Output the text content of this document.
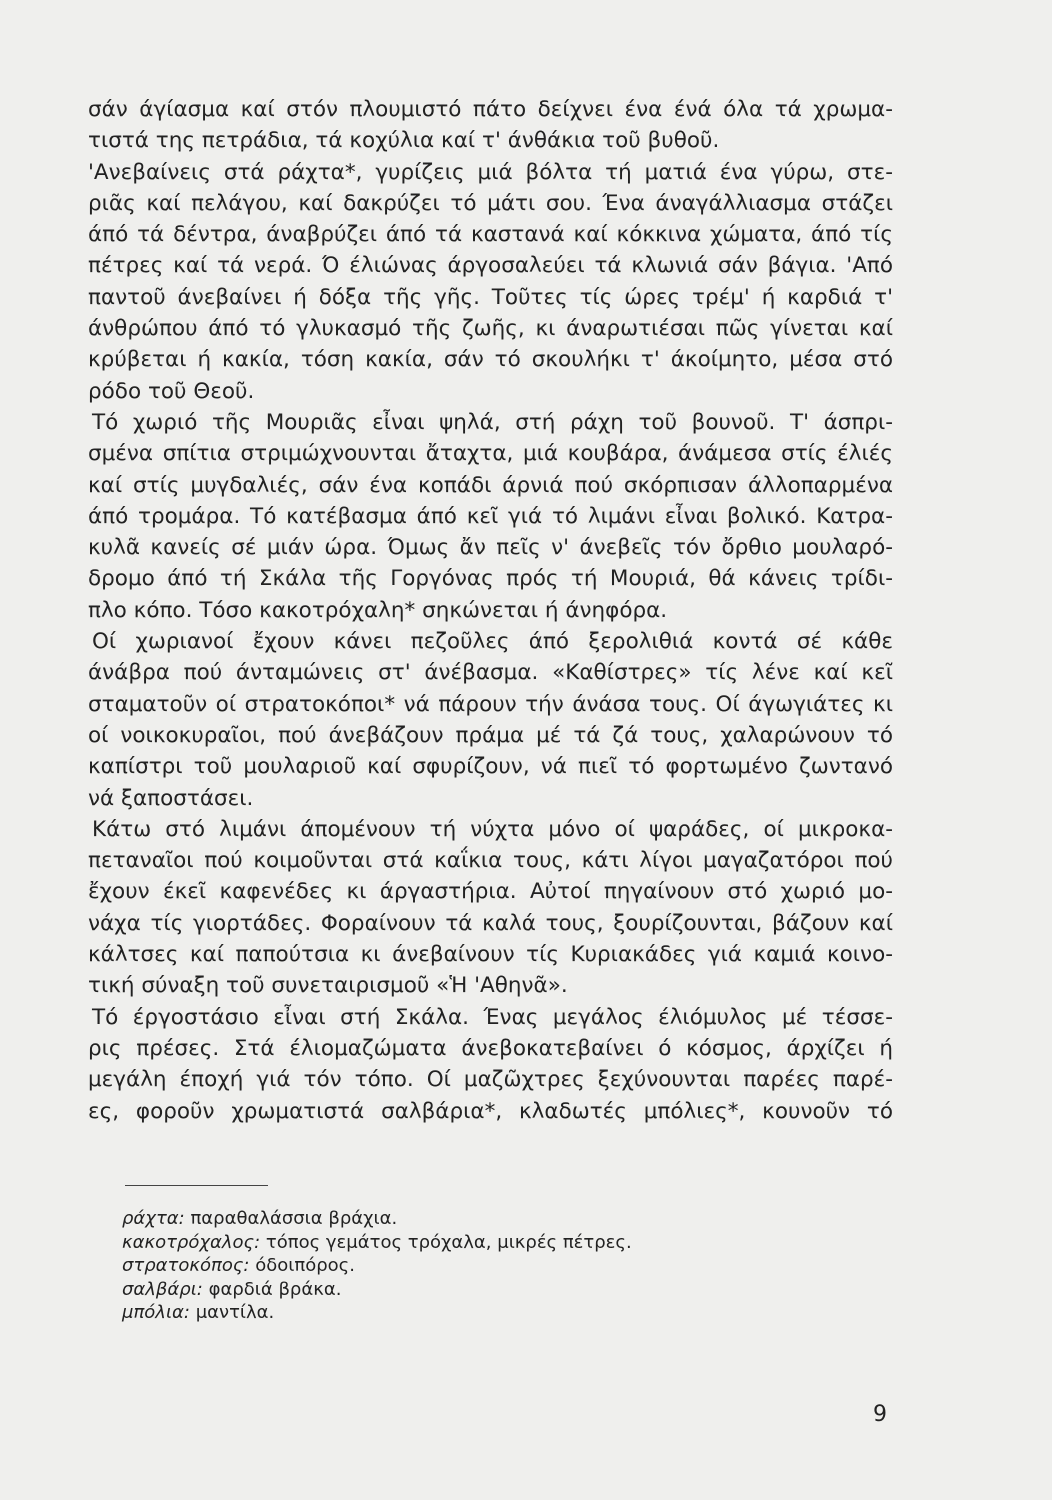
σάν άγίασμα καί στόν πλουμιστό πάτο δείχνει ένα ένά όλα τά χρωμα-
τιστά της πετράδια, τά κοχύλια καί τ' άνθάκια τοῦ βυθοῦ.
'Ανεβαίνεις στά ράχτα*, γυρίζεις μιά βόλτα τή ματιά ένα γύρω, στε-
ριᾶς καί πελάγου, καί δακρύζει τό μάτι σου. Ένα άναγάλλιασμα στάζει
άπό τά δέντρα, άναβρύζει άπό τά καστανά καί κόκκινα χώματα, άπό τίς
πέτρες καί τά νερά. Ό έλιώνας άργοσαλεύει τά κλωνιά σάν βάγια. 'Από
παντοῦ άνεβαίνει ή δόξα τῆς γῆς. Τοῦτες τίς ώρες τρέμ' ή καρδιά τ'
άνθρώπου άπό τό γλυκασμό τῆς ζωῆς, κι άναρωτιέσαι πῶς γίνεται καί
κρύβεται ή κακία, τόση κακία, σάν τό σκουλήκι τ' άκοίμητο, μέσα στό
ρόδο τοῦ Θεοῦ.
Τό χωριό τῆς Μουριᾶς εἶναι ψηλά, στή ράχη τοῦ βουνοῦ. Τ' άσπρι-
σμένα σπίτια στριμώχνουνται ἄταχτα, μιά κουβάρα, άνάμεσα στίς έλιές
καί στίς μυγδαλιές, σάν ένα κοπάδι άρνιά πού σκόρπισαν άλλοπαρμένα
άπό τρομάρα. Τό κατέβασμα άπό κεῖ γιά τό λιμάνι εἶναι βολικό. Κατρα-
κυλᾶ κανείς σέ μιάν ώρα. Όμως ἄν πεῖς ν' άνεβεῖς τόν ὄρθιο μουλαρό-
δρομο άπό τή Σκάλα τῆς Γοργόνας πρός τή Μουριά, θά κάνεις τρίδι-
πλο κόπο. Τόσο κακοτρόχαλη* σηκώνεται ή άνηφόρα.
Οί χωριανοί ἔχουν κάνει πεζοῦλες άπό ξερολιθιά κοντά σέ κάθε
άνάβρα πού άνταμώνεις στ' άνέβασμα. «Καθίστρες» τίς λένε καί κεῖ
σταματοῦν οί στρατοκόποι* νά πάρουν τήν άνάσα τους. Οί άγωγιάτες κι
οί νοικοκυραῖοι, πού άνεβάζουν πράμα μέ τά ζά τους, χαλαρώνουν τό
καπίστρι τοῦ μουλαριοῦ καί σφυρίζουν, νά πιεῖ τό φορτωμένο ζωντανό
νά ξαποστάσει.
Κάτω στό λιμάνι άπομένουν τή νύχτα μόνο οί ψαράδες, οί μικροκα-
πεταναῖοι πού κοιμοῦνται στά καΐκια τους, κάτι λίγοι μαγαζατόροι πού
ἔχουν έκεῖ καφενέδες κι άργαστήρια. Αὐτοί πηγαίνουν στό χωριό μο-
νάχα τίς γιορτάδες. Φοραίνουν τά καλά τους, ξουρίζουνται, βάζουν καί
κάλτσες καί παπούτσια κι άνεβαίνουν τίς Κυριακάδες γιά καμιά κοινο-
τική σύναξη τοῦ συνεταιρισμοῦ «Ἡ 'Αθηνᾶ».
Τό έργοστάσιο εἶναι στή Σκάλα. Ένας μεγάλος έλιόμυλος μέ τέσσε-
ρις πρέσες. Στά έλιομαζώματα άνεβοκατεβαίνει ό κόσμος, άρχίζει ή
μεγάλη έποχή γιά τόν τόπο. Οί μαζῶχτρες ξεχύνουνται παρέες παρέ-
ες, φοροῦν χρωματιστά σαλβάρια*, κλαδωτές μπόλιες*, κουνοῦν τό
ράχτα: παραθαλάσσια βράχια.
κακοτρόχαλος: τόπος γεμάτος τρόχαλα, μικρές πέτρες.
στρατοκόπος: όδοιπόρος.
σαλβάρι: φαρδιά βράκα.
μπόλια: μαντίλα.
9
